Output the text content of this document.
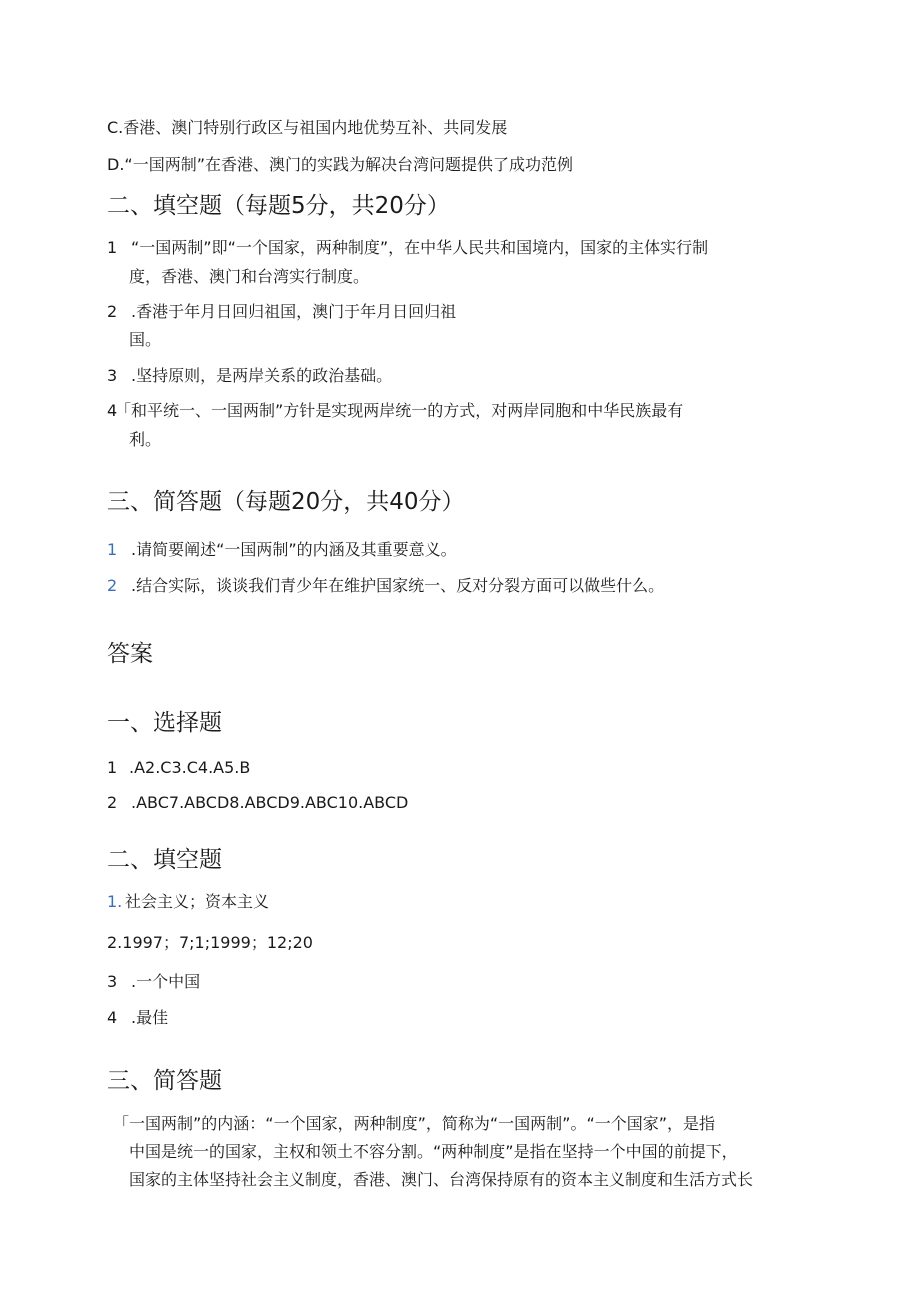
C.香港、澳门特别行政区与祖国内地优势互补、共同发展
D.“一国两制”在香港、澳门的实践为解决台湾问题提供了成功范例
二、填空题（每题5分，共20分）
1 “一国两制”即“一个国家，两种制度”，在中华人民共和国境内，国家的主体实行制
度，香港、澳门和台湾实行制度。
2 .香港于年月日回归祖国，澳门于年月日回归祖
国。
3 .坚持原则，是两岸关系的政治基础。
4「和平统一、一国两制”方针是实现两岸统一的方式，对两岸同胞和中华民族最有
利。
三、简答题（每题20分，共40分）
1 .请简要阐述“一国两制”的内涵及其重要意义。
2 .结合实际，谈谈我们青少年在维护国家统一、反对分裂方面可以做些什么。
答案
一、选择题
1 .A2.C3.C4.A5.B
2 .ABC7.ABCD8.ABCD9.ABC10.ABCD
二、填空题
1. 社会主义；资本主义
2.1997；7;1;1999；12;20
3 .一个中国
4 .最佳
三、简答题
「一国两制”的内涵：“一个国家，两种制度”，简称为“一国两制”。“一个国家”，是指
中国是统一的国家，主权和领土不容分割。“两种制度”是指在坚持一个中国的前提下，
国家的主体坚持社会主义制度，香港、澳门、台湾保持原有的资本主义制度和生活方式长
